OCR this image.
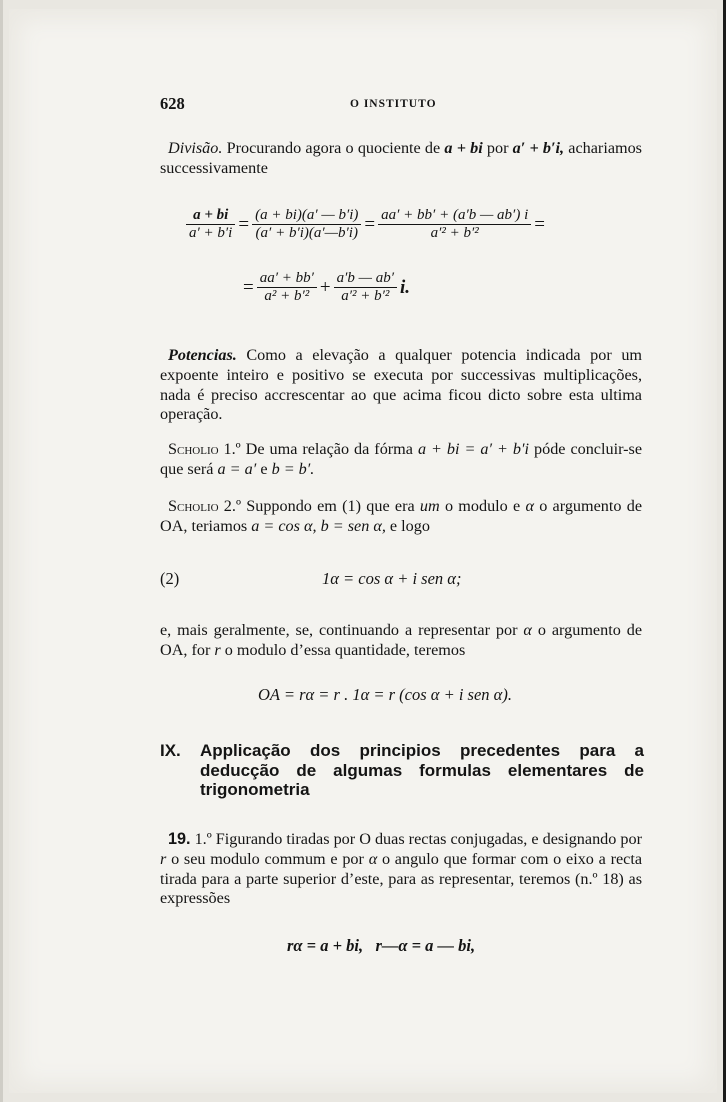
628	O INSTITUTO
Divisão. Procurando agora o quociente de a + bi por a′ + b′i, achariamos successivamente
$\frac{a + bi}{a' + b'i} = \frac{(a + bi)(a' — b'i)}{(a' + b'i)(a'—b'i)} = \frac{aa' + bb' + (a'b — ab') i}{\text{a′² + b′²}}$ =
= $\frac{aa' + bb'}{\text{a² + b′²}} + \frac{a'b — ab'}{\text{a′² + b′²}} i$.
Potencias. Como a elevação a qualquer potencia indicada por um expoente inteiro e positivo se executa por successivas multiplicações, nada é preciso accrescentar ao que acima ficou dicto sobre esta ultima operação.
Scholio 1.º De uma relação da fórma a + bi = a′ + b′i póde concluir-se que será a = a′ e b = b′.
Scholio 2.º Suppondo em (1) que era um o modulo e α o argumento de OA, teriamos a = cos α, b = sen α, e logo
(2)	1α = cos α + i sen α;
e, mais geralmente, se, continuando a representar por α o argumento de OA, for r o modulo d’essa quantidade, teremos
OA = rα = r . 1α = r (cos α + i sen α).
IX. Applicação dos principios precedentes para a deducção de algumas formulas elementares de trigonometria
19. 1.º Figurando tiradas por O duas rectas conjugadas, e designando por r o seu modulo commum e por α o angulo que formar com o eixo a recta tirada para a parte superior d’este, para as representar, teremos (n.º 18) as expressões
rα = a + bi,   r—α = a — bi,
